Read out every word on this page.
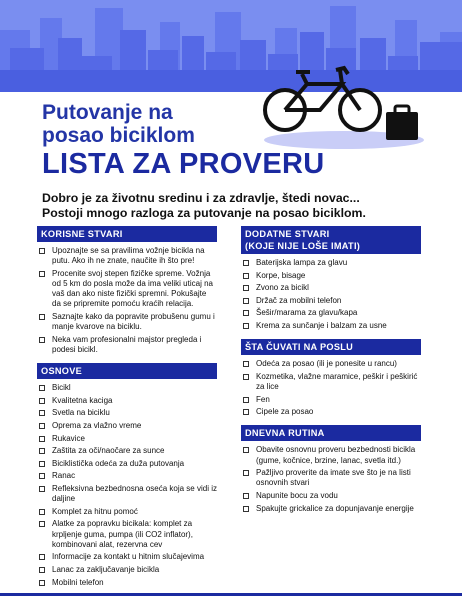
Putovanje na
posao biciklom
LISTA ZA PROVERU
Dobro je za životnu sredinu i za zdravlje, štedi novac...
Postoji mnogo razloga za putovanje na posao biciklom.
KORISNE STVARI
Upoznajte se sa pravilima vožnje bicikla na putu. Ako ih ne znate, naučite ih što pre!
Procenite svoj stepen fizičke spreme. Vožnja od 5 km do posla može da ima veliki uticaj na vaš dan ako niste fizički spremni. Pokušajte da se pripremite pomoću kraćih relacija.
Saznajte kako da popravite probušenu gumu i manje kvarove na biciklu.
Neka vam profesionalni majstor pregleda i podesi bicikl.
OSNOVE
Bicikl
Kvalitetna kaciga
Svetla na biciklu
Oprema za vlažno vreme
Rukavice
Zaštita za oči/naočare za sunce
Biciklistička odeća za duža putovanja
Ranac
Refleksivna bezbednosna oseća koja se vidi iz daljine
Komplet za hitnu pomoć
Alatke za popravku bicikala: komplet za krpljenje guma, pumpa (ili CO2 inflator), kombinovani alat, rezervna cev
Informacije za kontakt u hitnim slučajevima
Lanac za zaključavanje bicikla
Mobilni telefon
DODATNE STVARI
(KOJE NIJE LOŠE IMATI)
Baterijska lampa za glavu
Korpe, bisage
Zvono za bicikl
Držač za mobilni telefon
Šešir/marama za glavu/kapa
Krema za sunčanje i balzam za usne
ŠTA ČUVATI NA POSLU
Odeća za posao (ili je ponesite u rancu)
Kozmetika, vlažne maramice, peškir i peškirić za lice
Fen
Cipele za posao
DNEVNA RUTINA
Obavite osnovnu proveru bezbednosti bicikla (gume, kočnice, brzine, lanac, svetla itd.)
Pažljivo proverite da imate sve što je na listi osnovnih stvari
Napunite bocu za vodu
Spakujte grickalice za dopunjavanje energije
